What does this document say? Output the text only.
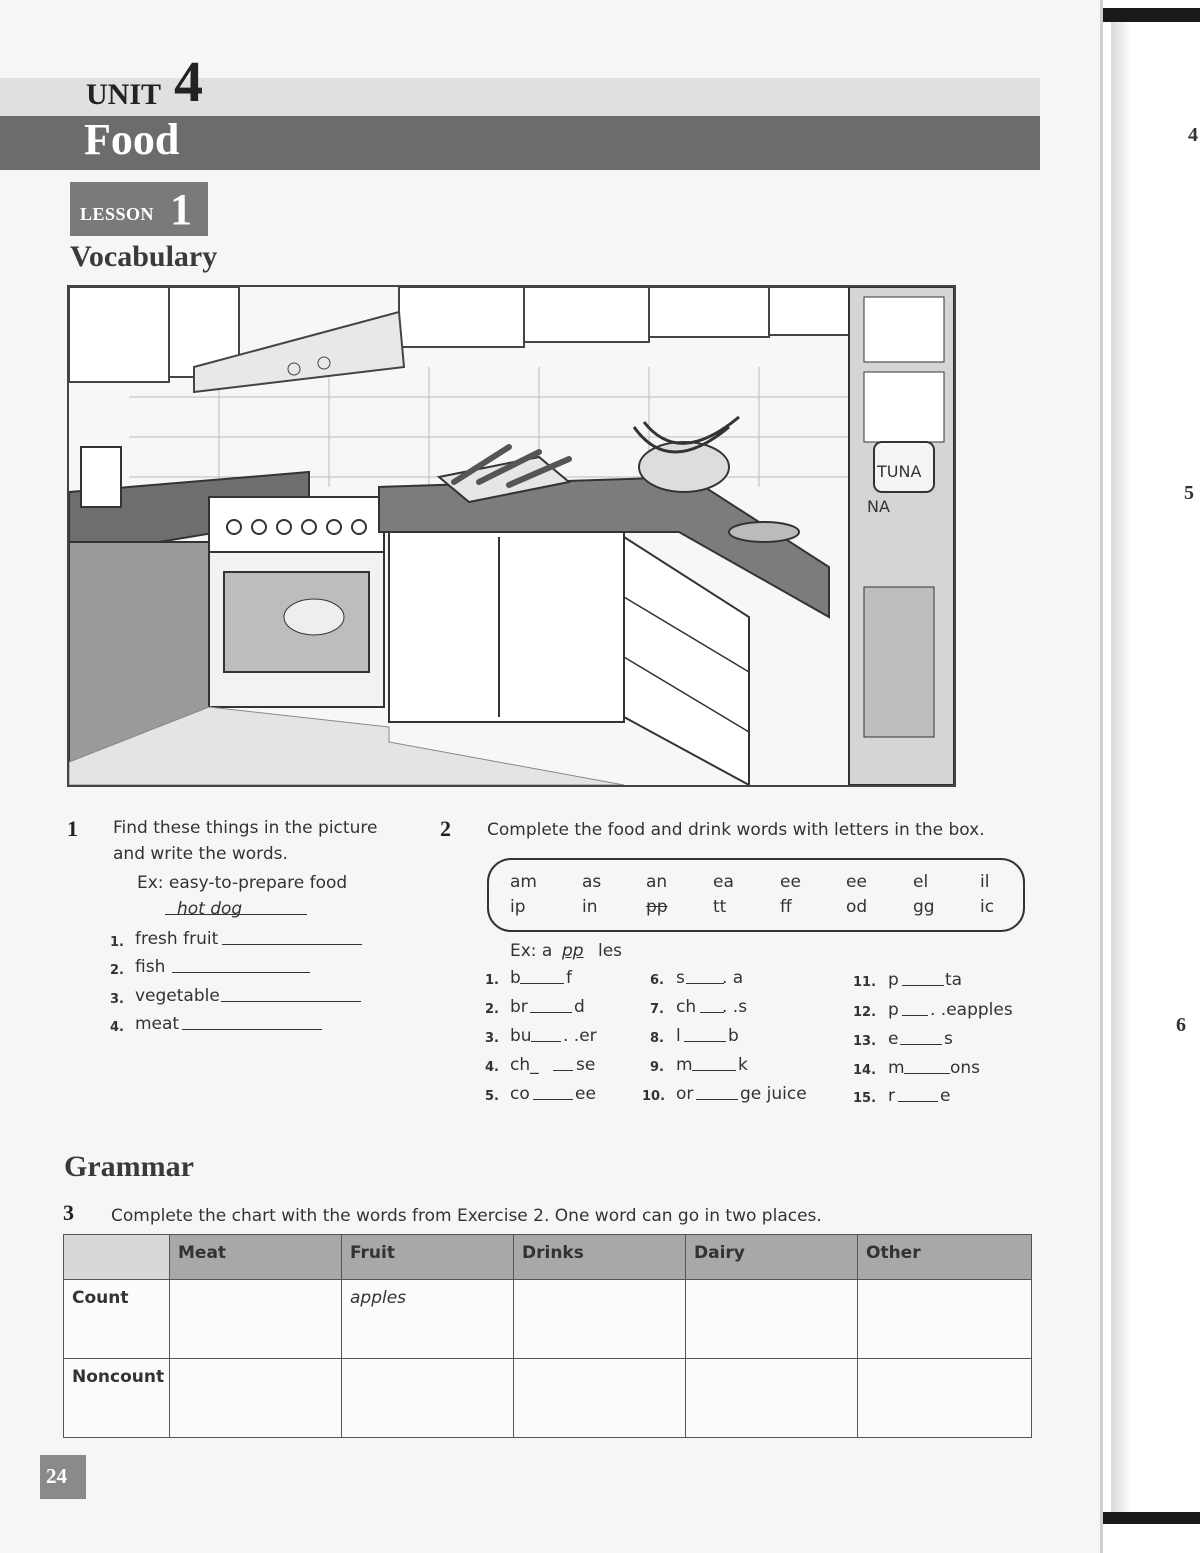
4
5
6
UNIT 4
Food
LESSON 1
Vocabulary
TUNA
NA
1 Find these things in the picture
and write the words.
Ex: easy-to-prepare food
hot dog
1. fresh fruit
2. fish
3. vegetable
4. meat
2 Complete the food and drink words with letters in the box.
am	as	an	ea	ee	ee	el	il
ip	in	pp	tt	ff	od	gg	ic
Ex: a pp les
1. b	f
2. br	d
3. bu . .er
4. ch_ se
5. co	ee
6. s . a
7. ch . .s
8. l	b
9. m	k
10. or	ge juice
11. p	ta
12. p . .eapples
13. e	s
14. m	ons
15. r	e
Grammar
3 Complete the chart with the words from Exercise 2. One word can go in two places.
	Meat	Fruit	Drinks	Dairy	Other
Count		apples			
Noncount					
24
